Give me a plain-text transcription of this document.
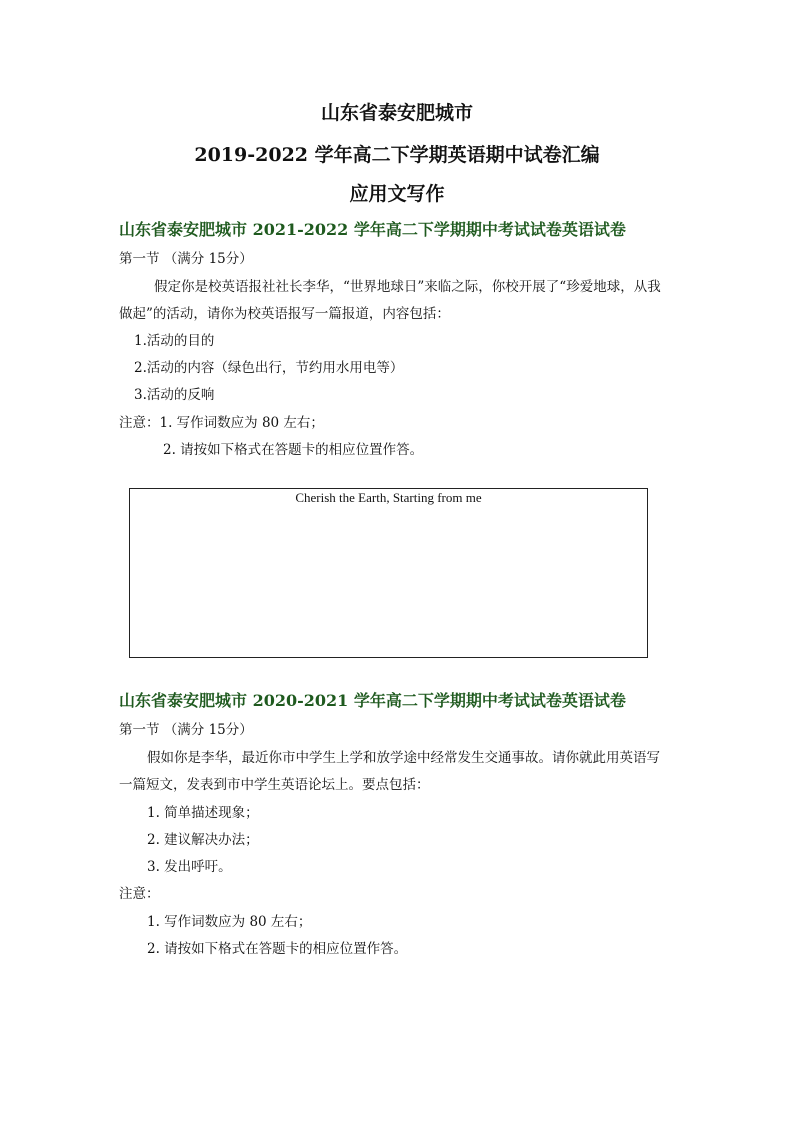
山东省泰安肥城市
2019-2022 学年高二下学期英语期中试卷汇编
应用文写作
山东省泰安肥城市 2021-2022 学年高二下学期期中考试试卷英语试卷
第一节 （满分 15分）
假定你是校英语报社社长李华，“世界地球日”来临之际，你校开展了“珍爱地球，从我
做起”的活动，请你为校英语报写一篇报道，内容包括：
1.活动的目的
2.活动的内容（绿色出行，节约用水用电等）
3.活动的反响
注意：1. 写作词数应为 80 左右；
2. 请按如下格式在答题卡的相应位置作答。
Cherish the Earth, Starting from me
山东省泰安肥城市 2020-2021 学年高二下学期期中考试试卷英语试卷
第一节 （满分 15分）
假如你是李华，最近你市中学生上学和放学途中经常发生交通事故。请你就此用英语写
一篇短文，发表到市中学生英语论坛上。要点包括：
1. 简单描述现象；
2. 建议解决办法；
3. 发出呼吁。
注意：
1. 写作词数应为 80 左右；
2. 请按如下格式在答题卡的相应位置作答。
